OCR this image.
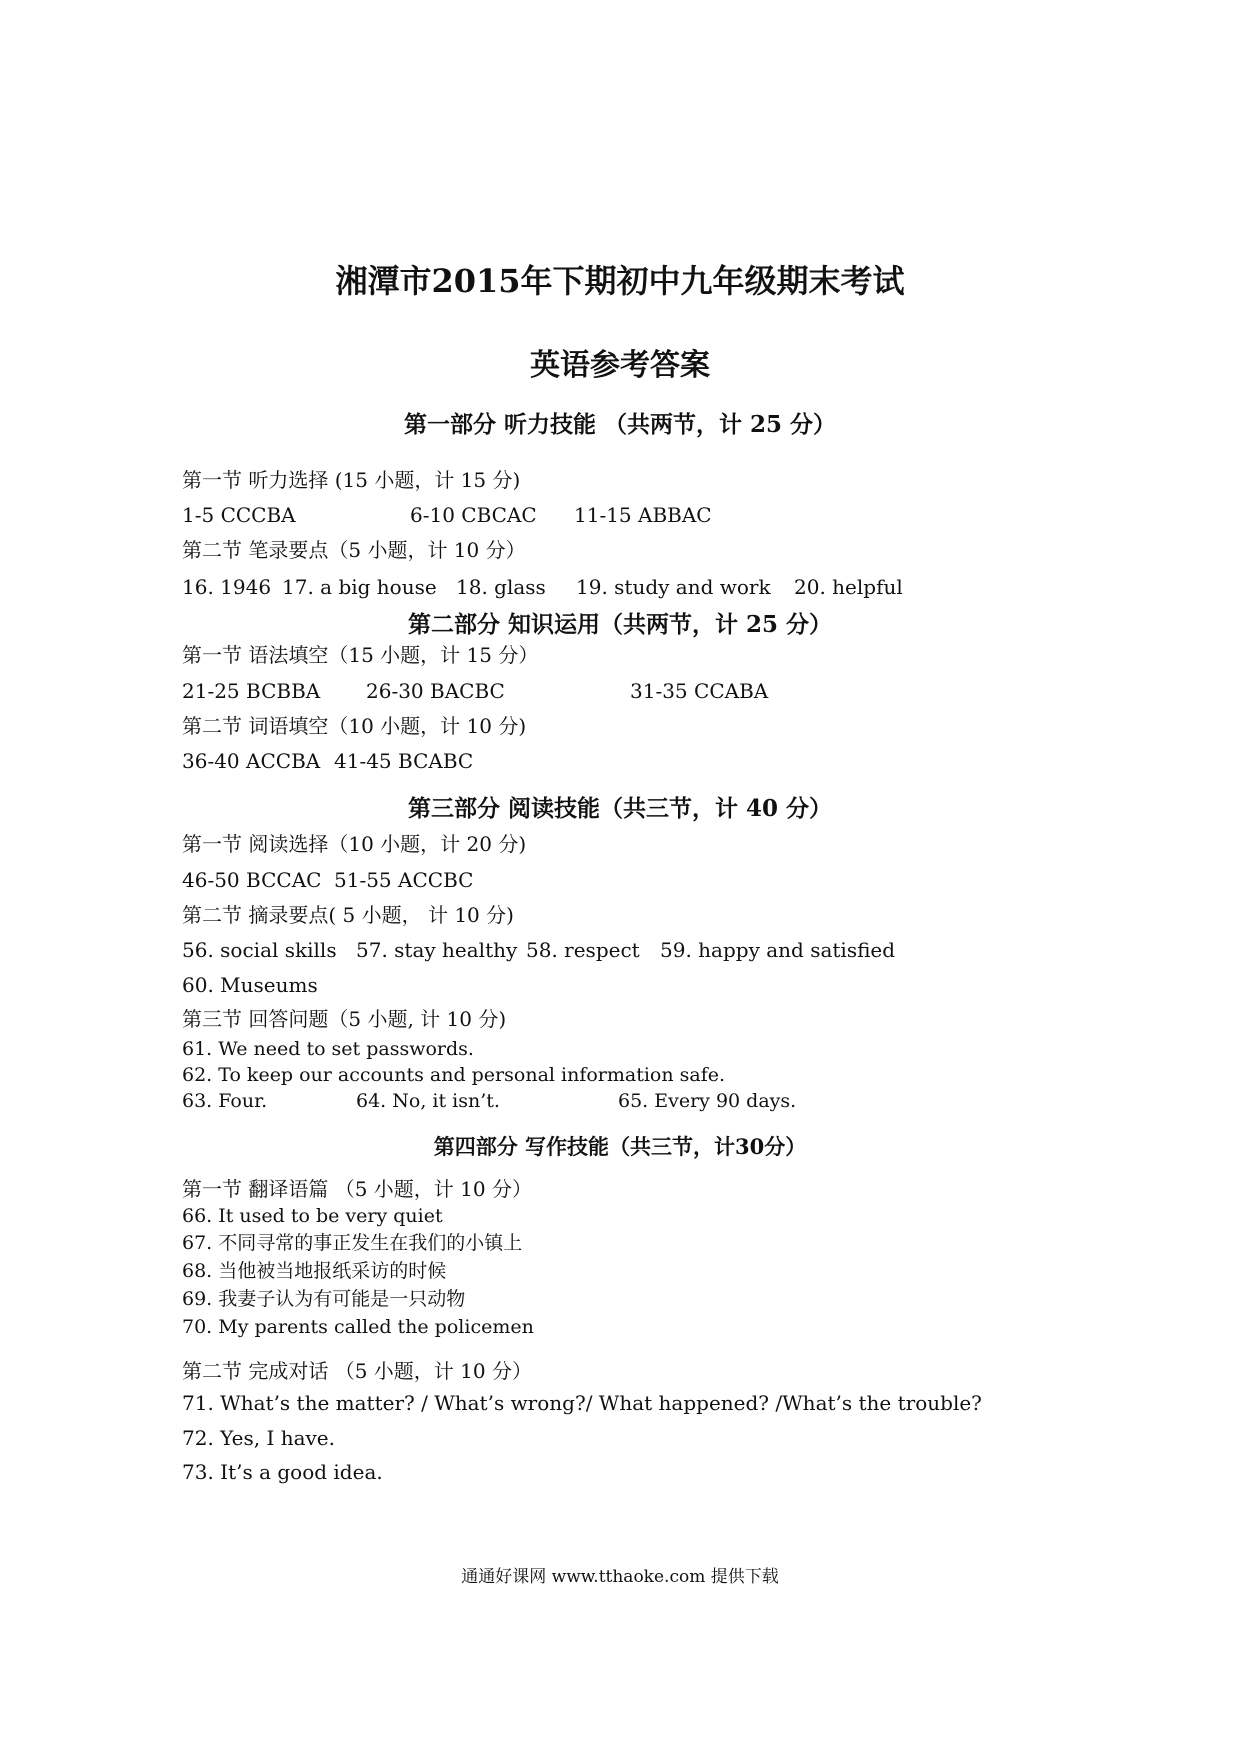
湘潭市2015年下期初中九年级期末考试
英语参考答案
第一部分 听力技能 （共两节，计 25 分）
第一节 听力选择 (15 小题，计 15 分)
1-5 CCCBA	6-10 CBCAC 11-15 ABBAC
第二节 笔录要点（5 小题，计 10 分）
16. 1946 17. a big house 18. glass 19. study and work 20. helpful
第二部分 知识运用（共两节，计 25 分）
第一节 语法填空（15 小题，计 15 分）
21-25 BCBBA 26-30 BACBC	31-35 CCABA
第二节 词语填空（10 小题，计 10 分)
36-40 ACCBA 41-45 BCABC
第三部分 阅读技能（共三节，计 40 分）
第一节 阅读选择（10 小题，计 20 分)
46-50 BCCAC 51-55 ACCBC
第二节 摘录要点( 5 小题， 计 10 分)
56. social skills 57. stay healthy 58. respect 59. happy and satisfied
60. Museums
第三节 回答问题（5 小题, 计 10 分)
61. We need to set passwords.
62. To keep our accounts and personal information safe.
63. Four.	64. No, it isn’t.	65. Every 90 days.
第四部分 写作技能（共三节，计30分）
第一节 翻译语篇 （5 小题，计 10 分）
66. It used to be very quiet
67. 不同寻常的事正发生在我们的小镇上
68. 当他被当地报纸采访的时候
69. 我妻子认为有可能是一只动物
70. My parents called the policemen
第二节 完成对话 （5 小题，计 10 分）
71. What’s the matter? / What’s wrong?/ What happened? /What’s the trouble?
72. Yes, I have.
73. It’s a good idea.
通通好课网 www.tthaoke.com 提供下载
